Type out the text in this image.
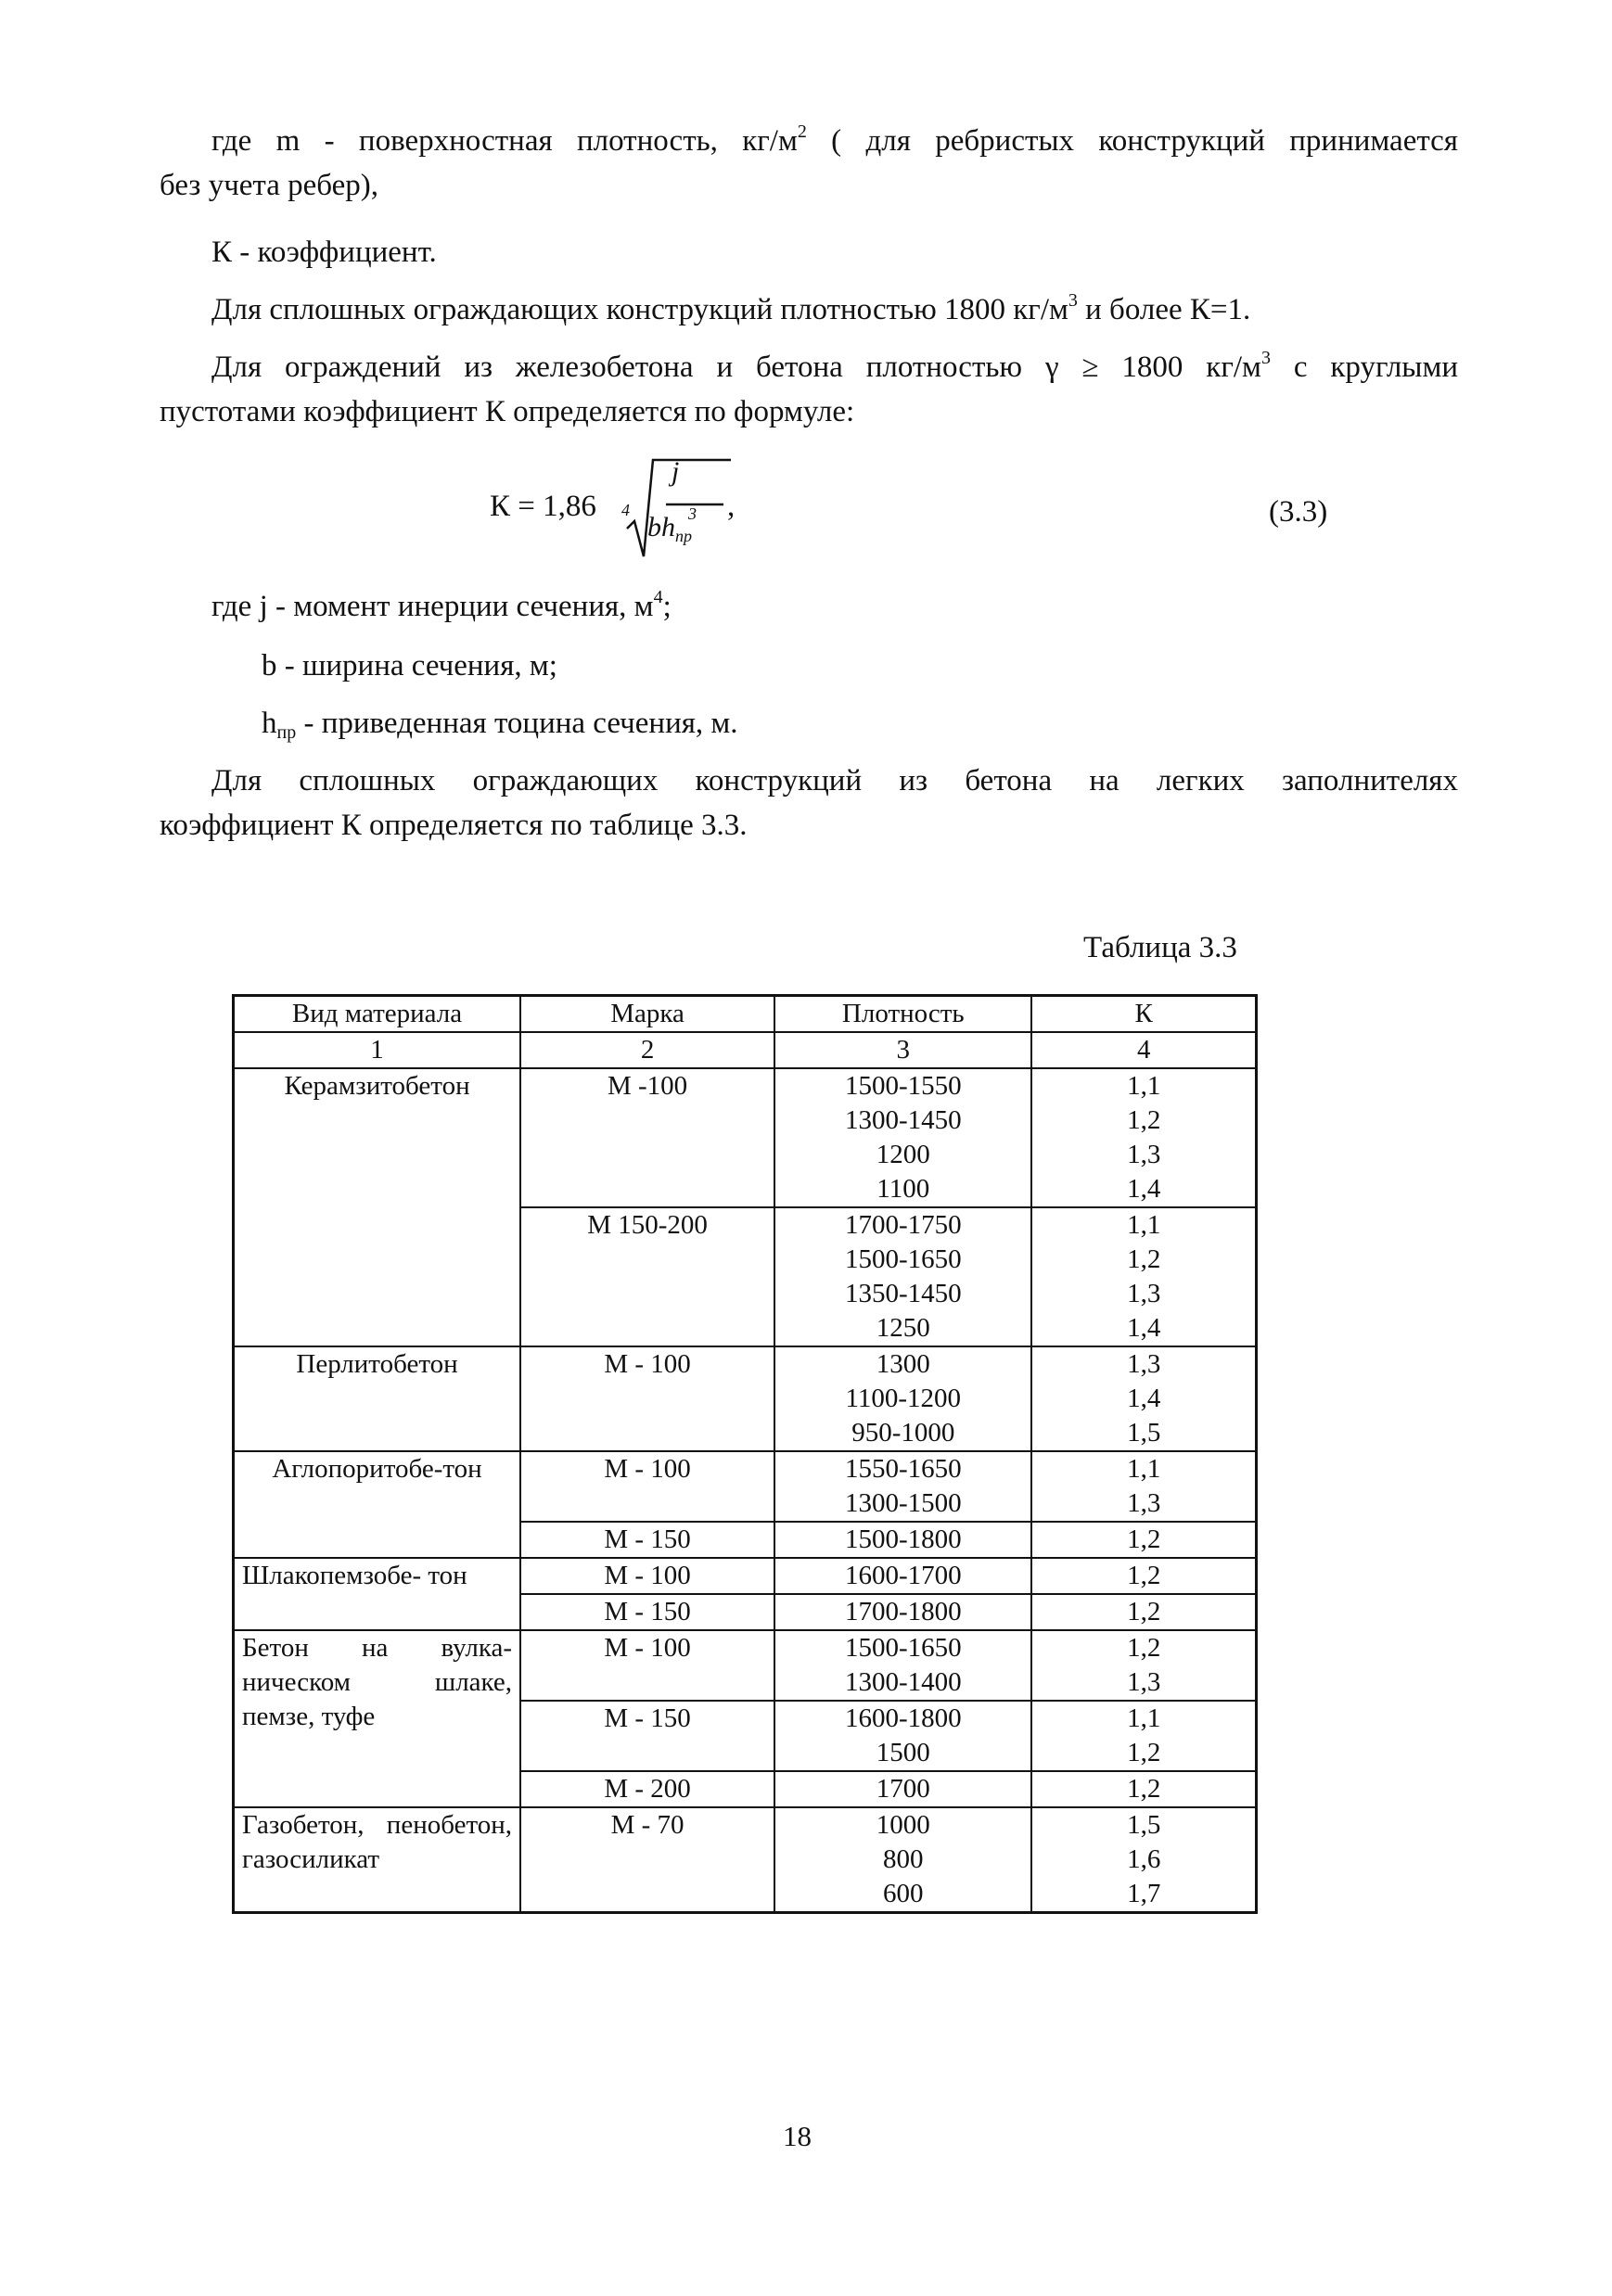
где m - поверхностная плотность, $кг/м^2$ ( для ребристых конструкций принимается
без учета ребер),
К - коэффициент.
Для сплошных ограждающих конструкций плотностью 1800 $кг/м^3$ и более К=1.
Для ограждений из железобетона и бетона плотностью γ ≥ 1800 $кг/м^3$ с круглыми
пустотами коэффициент К определяется по формуле:
К = 1,86 4
j
$bh_{пр}$
3 ,	(3.3)
где j - момент инерции сечения, $м^4$;
b - ширина сечения, м;
$h_{пр}$ - приведенная тоцина сечения, м.
Для сплошных ограждающих конструкций из бетона на легких заполнителях
коэффициент К определяется по таблице 3.3.
Таблица 3.3
Вид материала	Марка	Плотность	К
1	2	3	4
Керамзитобетон	М -100	1500-1550	1,1
		1300-1450	1,2
		1200	1,3
		1100	1,4
	М 150-200	1700-1750	1,1
		1500-1650	1,2
		1350-1450	1,3
		1250	1,4
Перлитобетон	М - 100	1300	1,3
		1100-1200	1,4
		950-1000	1,5
Аглопоритобе-тон	М - 100	1550-1650	1,1
		1300-1500	1,3
	М - 150	1500-1800	1,2
Шлакопемзобе- тон	М - 100	1600-1700	1,2
	М - 150	1700-1800	1,2
Бетон на вулка- ническом шлаке, пемзе, туфе	М - 100	1500-1650	1,2
		1300-1400	1,3
	М - 150	1600-1800	1,1
		1500	1,2
	М - 200	1700	1,2
Газобетон, пенобетон, газосиликат	М - 70	1000	1,5
		800	1,6
		600	1,7
18
